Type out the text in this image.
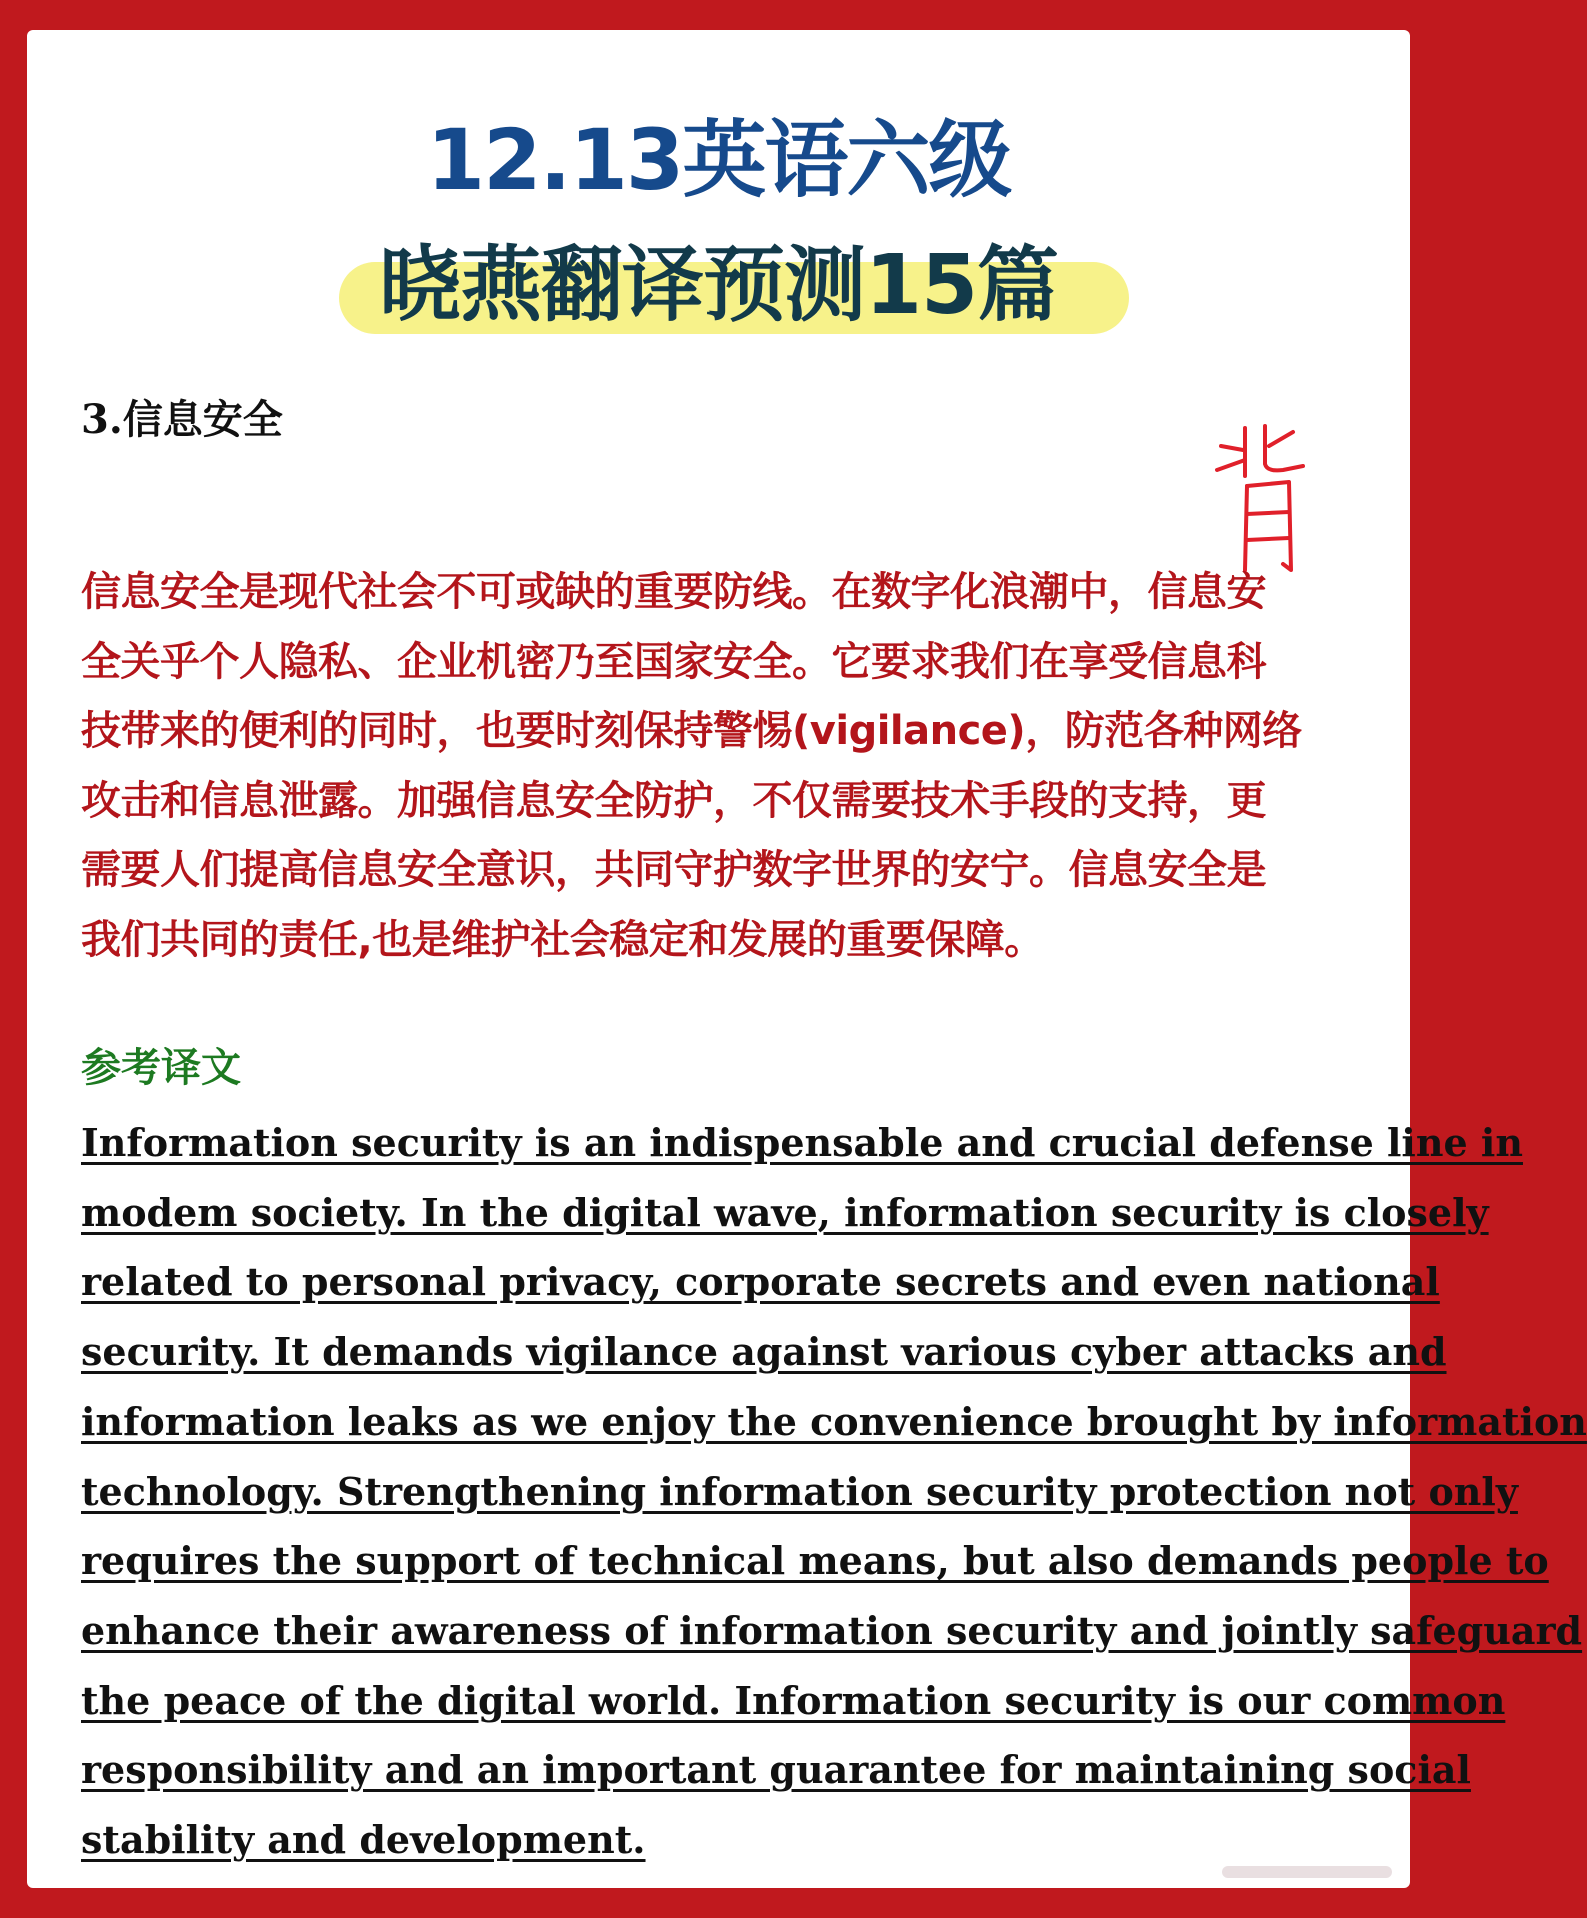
12.13英语六级
晓燕翻译预测15篇
3.信息安全
信息安全是现代社会不可或缺的重要防线。在数字化浪潮中，信息安
全关乎个人隐私、企业机密乃至国家安全。它要求我们在享受信息科
技带来的便利的同时，也要时刻保持警惕(vigilance)，防范各种网络
攻击和信息泄露。加强信息安全防护，不仅需要技术手段的支持，更
需要人们提高信息安全意识，共同守护数字世界的安宁。信息安全是
我们共同的责任,也是维护社会稳定和发展的重要保障。
参考译文
Information security is an indispensable and crucial defense line in
modem society. In the digital wave, information security is closely
related to personal privacy, corporate secrets and even national
security. It demands vigilance against various cyber attacks and
information leaks as we enjoy the convenience brought by information
technology. Strengthening information security protection not only
requires the support of technical means, but also demands people to
enhance their awareness of information security and jointly safeguard
the peace of the digital world. Information security is our common
responsibility and an important guarantee for maintaining social
stability and development.
